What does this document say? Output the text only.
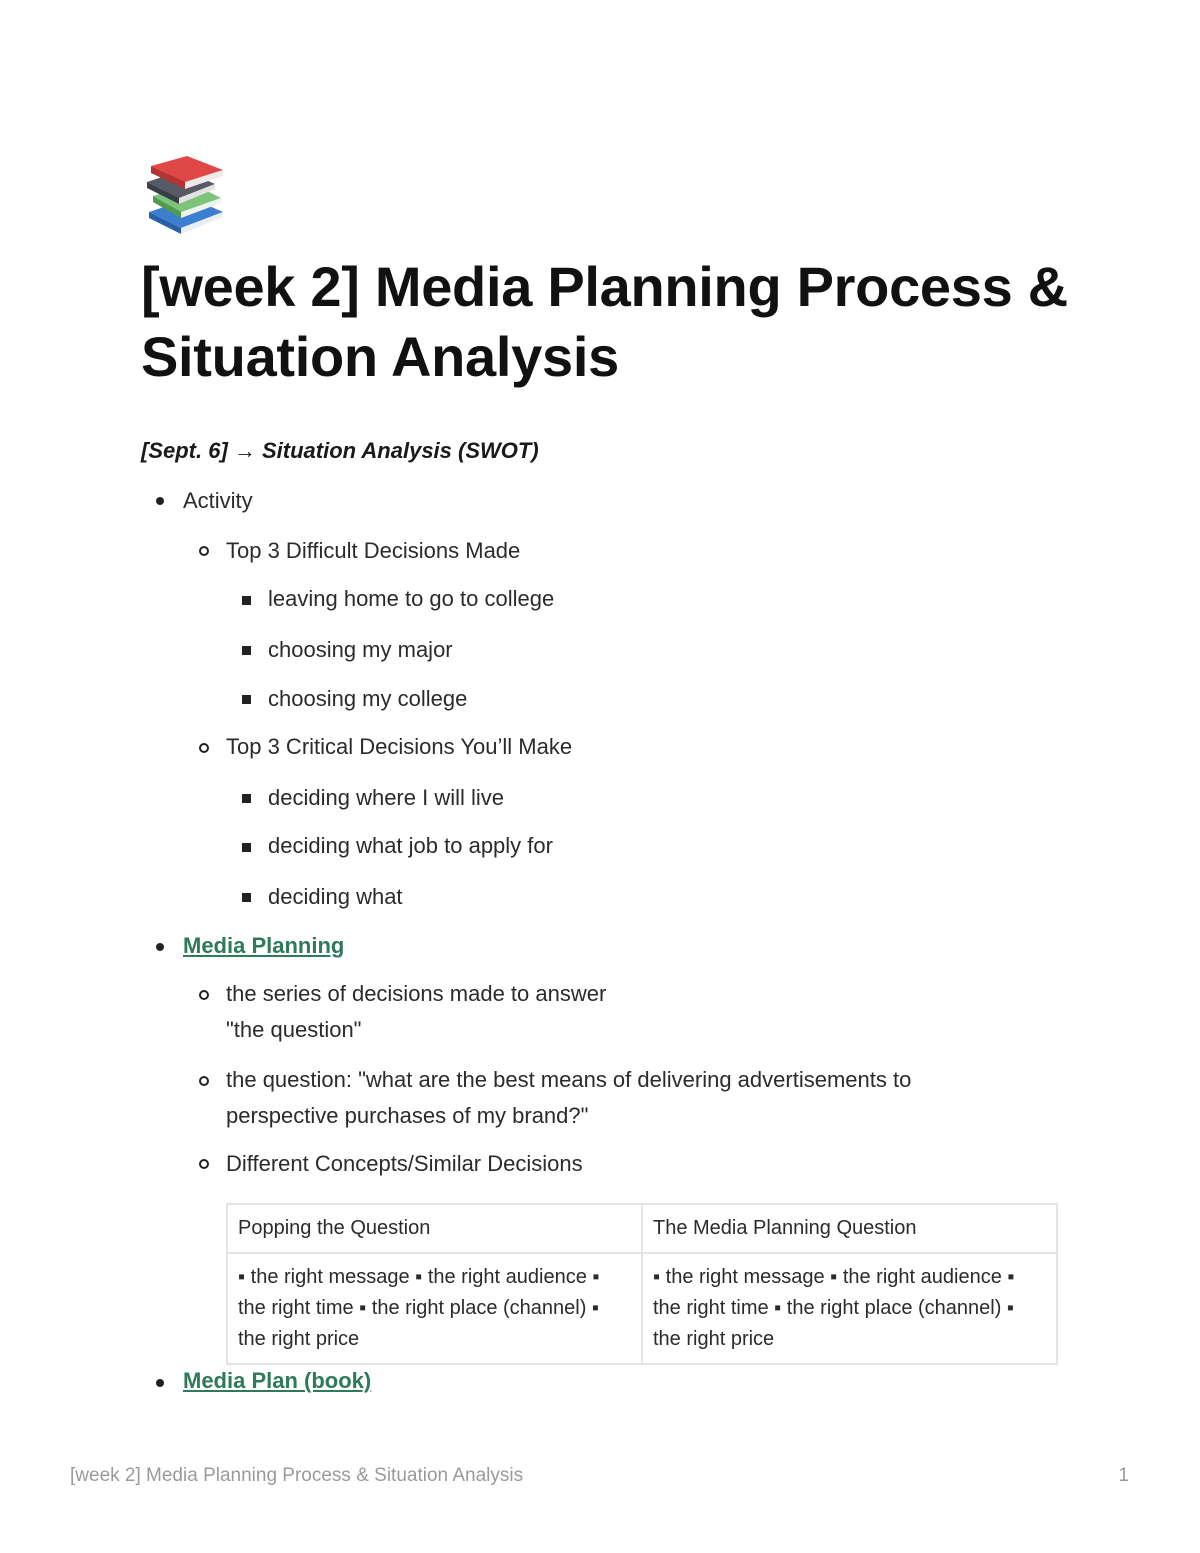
[week 2] Media Planning Process & Situation Analysis

[Sept. 6] → Situation Analysis (SWOT)

Activity
Top 3 Difficult Decisions Made
leaving home to go to college
choosing my major
choosing my college
Top 3 Critical Decisions You’ll Make
deciding where I will live
deciding what job to apply for
deciding what
Media Planning
the series of decisions made to answer
"the question"
the question: "what are the best means of delivering advertisements to
perspective purchases of my brand?"
Different Concepts/Similar Decisions
Popping the Question	The Media Planning Question
▪ the right message ▪ the right audience ▪ the right time ▪ the right place (channel) ▪ the right price	▪ the right message ▪ the right audience ▪ the right time ▪ the right place (channel) ▪ the right price
Media Plan (book)
[week 2] Media Planning Process & Situation Analysis	1
